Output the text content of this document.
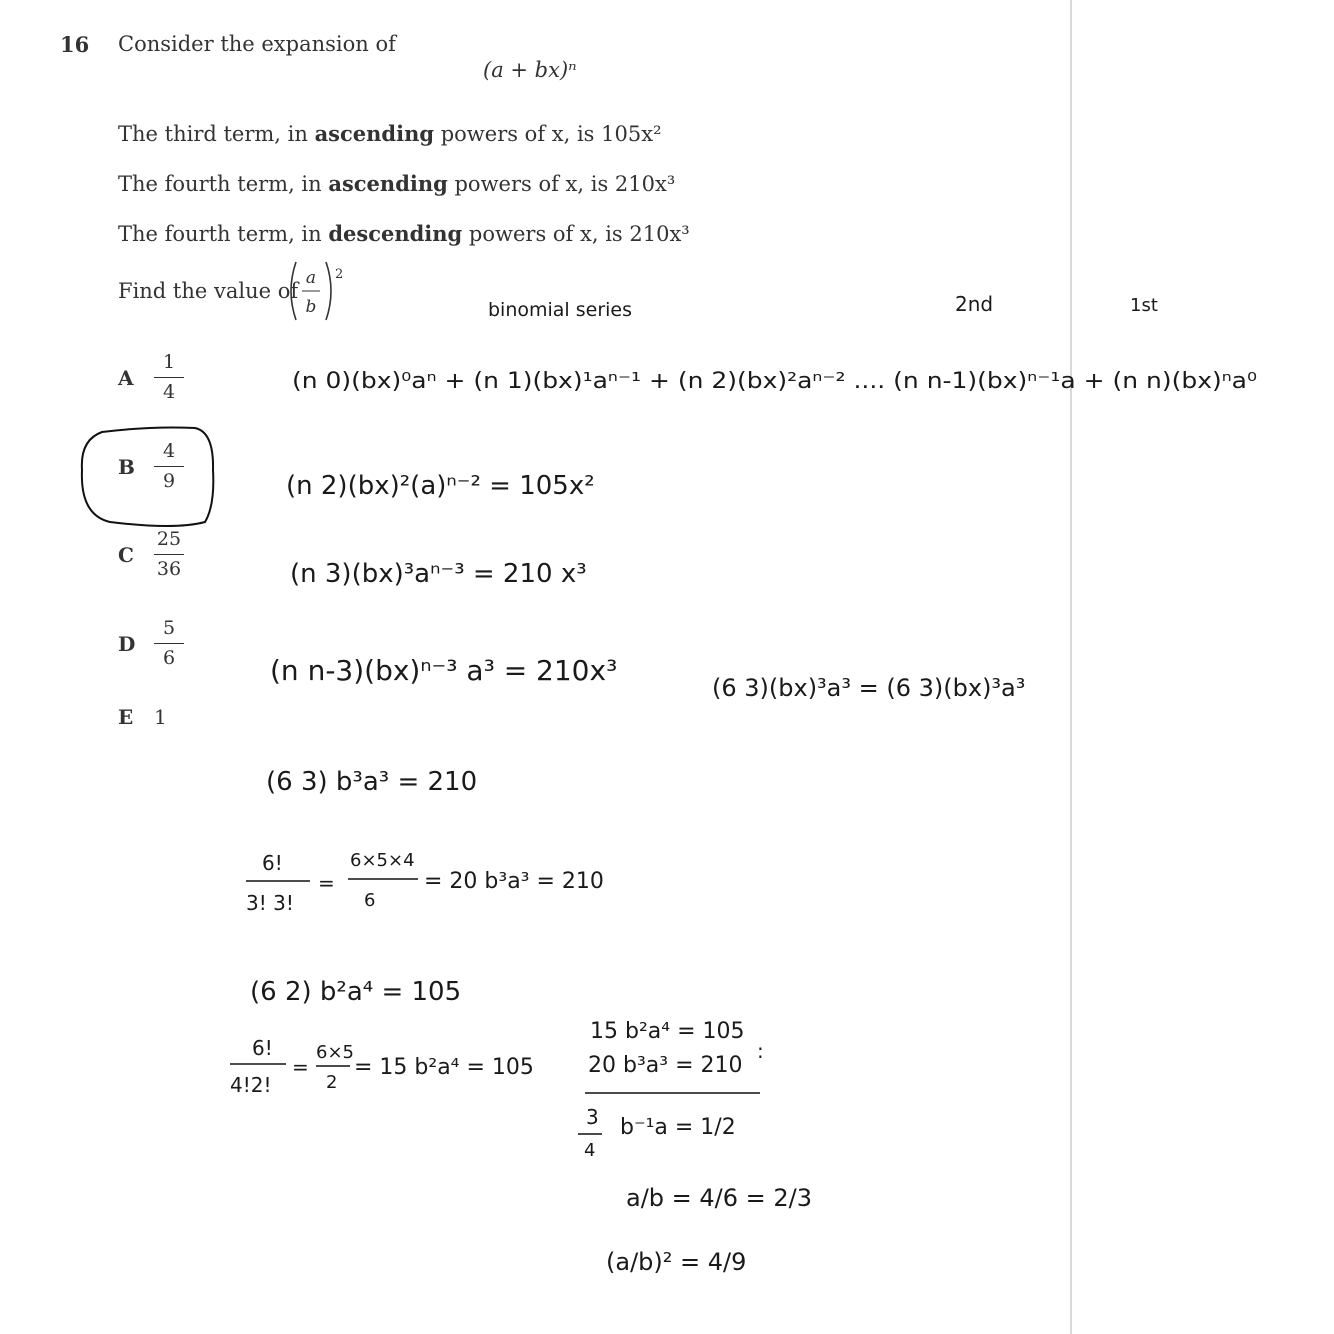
16 Consider the expansion of
(a + bx)ⁿ
The third term, in ascending powers of x, is 105x²
The fourth term, in ascending powers of x, is 210x³
The fourth term, in descending powers of x, is 210x³
Find the value of
a
b
2
A
1
4
B
4
9
C
25
36
D
5
6
E 1
binomial series	2nd	1st
(n 0)(bx)⁰aⁿ + (n 1)(bx)¹aⁿ⁻¹ + (n 2)(bx)²aⁿ⁻² .... (n n-1)(bx)ⁿ⁻¹a + (n n)(bx)ⁿa⁰
(n 2)(bx)²(a)ⁿ⁻² = 105x²
(n 3)(bx)³aⁿ⁻³ = 210 x³
(n n-3)(bx)ⁿ⁻³ a³ = 210x³
(6 3)(bx)³a³ = (6 3)(bx)³a³
(6 3) b³a³ = 210
6!
3! 3!
=
6×5×4
6
= 20 b³a³ = 210
(6 2) b²a⁴ = 105
6!
4!2!
=
6×5
2
= 15 b²a⁴ = 105
15 b²a⁴ = 105
20 b³a³ = 210
:
3
4
b⁻¹a = 1/2
a/b = 4/6 = 2/3
(a/b)² = 4/9
